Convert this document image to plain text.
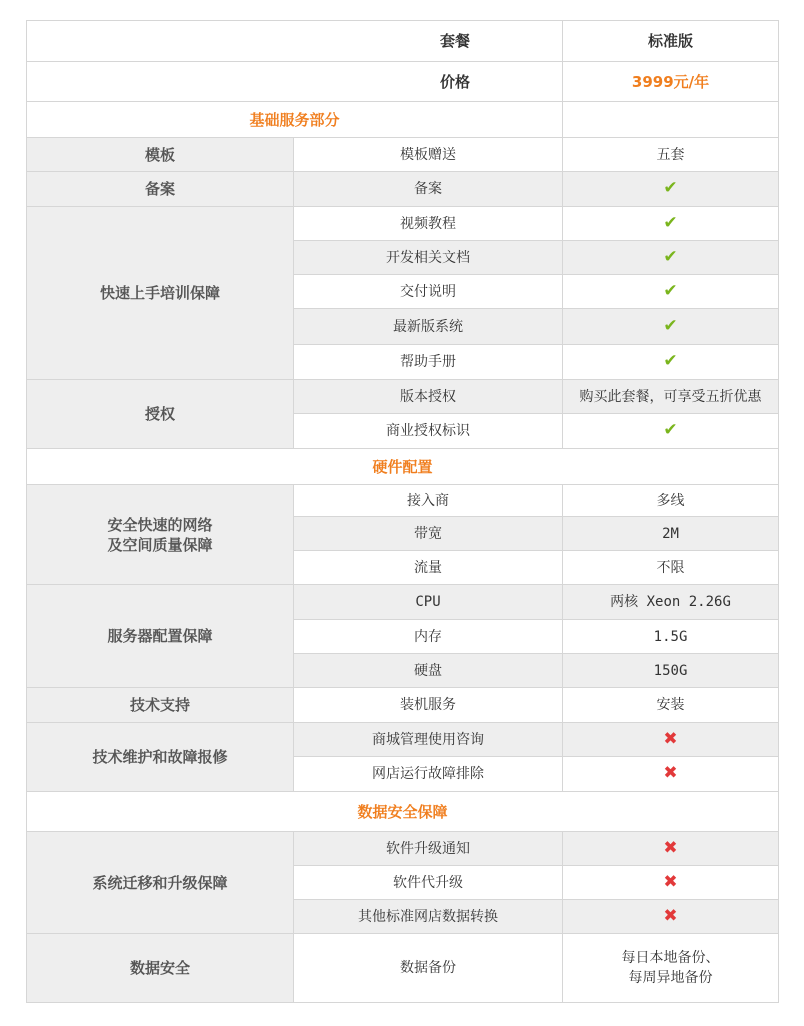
套餐		标准版
价格		3999元/年
基础服务部分		
模板	模板赠送	五套
备案	备案	✔
快速上手培训保障	视频教程	✔
	开发相关文档	✔
	交付说明	✔
	最新版系统	✔
	帮助手册	✔
授权	版本授权	购买此套餐，可享受五折优惠
	商业授权标识	✔
硬件配置		
安全快速的网络
及空间质量保障	接入商	多线
	带宽	2M
	流量	不限
服务器配置保障	CPU	两核 Xeon 2.26G
	内存	1.5G
	硬盘	150G
技术支持	装机服务	安装
技术维护和故障报修	商城管理使用咨询	✖
	网店运行故障排除	✖
数据安全保障		
系统迁移和升级保障	软件升级通知	✖
	软件代升级	✖
	其他标准网店数据转换	✖
数据安全	数据备份	每日本地备份、
每周异地备份
